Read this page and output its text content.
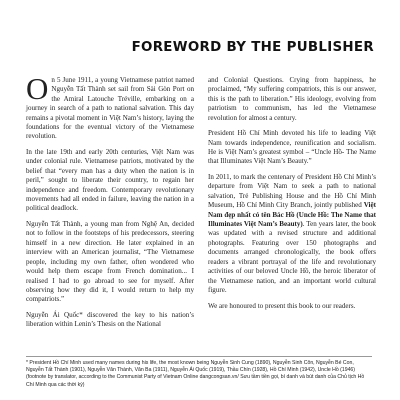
FOREWORD BY THE PUBLISHER

On 5 June 1911, a young Vietnamese patriot named Nguyễn Tất Thành set sail from Sài Gòn Port on the Amiral Latouche Tréville, embarking on a journey in search of a path to national salvation. This day remains a pivotal moment in Việt Nam’s history, laying the foundations for the eventual victory of the Vietnamese revolution.

In the late 19th and early 20th centuries, Việt Nam was under colonial rule. Vietnamese patriots, motivated by the belief that “every man has a duty when the nation is in peril,” sought to liberate their country, to regain her independence and freedom. Contemporary revolutionary movements had all ended in failure, leaving the nation in a political deadlock.

Nguyễn Tất Thành, a young man from Nghệ An, decided not to follow in the footsteps of his predecessors, steering himself in a new direction. He later explained in an interview with an American journalist, “The Vietnamese people, including my own father, often wondered who would help them escape from French domination... I realised I had to go abroad to see for myself. After observing how they did it, I would return to help my compatriots.”

Nguyễn Ái Quốc* discovered the key to his nation’s liberation within Lenin’s Thesis on the National

and Colonial Questions. Crying from happiness, he proclaimed, “My suffering compatriots, this is our answer, this is the path to liberation.” His ideology, evolving from patriotism to communism, has led the Vietnamese revolution for almost a century.

President Hồ Chí Minh devoted his life to leading Việt Nam towards independence, reunification and socialism. He is Việt Nam’s greatest symbol – “Uncle Hồ- The Name that Illuminates Việt Nam’s Beauty.”

In 2011, to mark the centenary of President Hồ Chí Minh’s departure from Việt Nam to seek a path to national salvation, Trẻ Publishing House and the Hồ Chí Minh Museum, Hồ Chí Minh City Branch, jointly published Việt Nam đẹp nhất có tên Bác Hồ (Uncle Hồ: The Name that Illuminates Việt Nam’s Beauty). Ten years later, the book was updated with a revised structure and additional photographs. Featuring over 150 photographs and documents arranged chronologically, the book offers readers a vibrant portrayal of the life and revolutionary activities of our beloved Uncle Hồ, the heroic liberator of the Vietnamese nation, and an important world cultural figure.

We are honoured to present this book to our readers.

* President Hồ Chí Minh used many names during his life, the most known being Nguyễn Sinh Cung (1890), Nguyễn Sinh Côn, Nguyễn Bé Con, Nguyễn Tất Thành (1901), Nguyễn Văn Thành, Văn Ba (1911), Nguyễn Ái Quốc (1919), Thầu Chín (1928), Hồ Chí Minh (1942), Uncle Hồ (1946) (footnote by translator, according to the Communist Party of Vietnam Online dangcongsan.vn/ Sưu tầm tiền gọi, bí danh và bút danh của Chủ tịch Hồ Chí Minh qua các thời kỳ)
